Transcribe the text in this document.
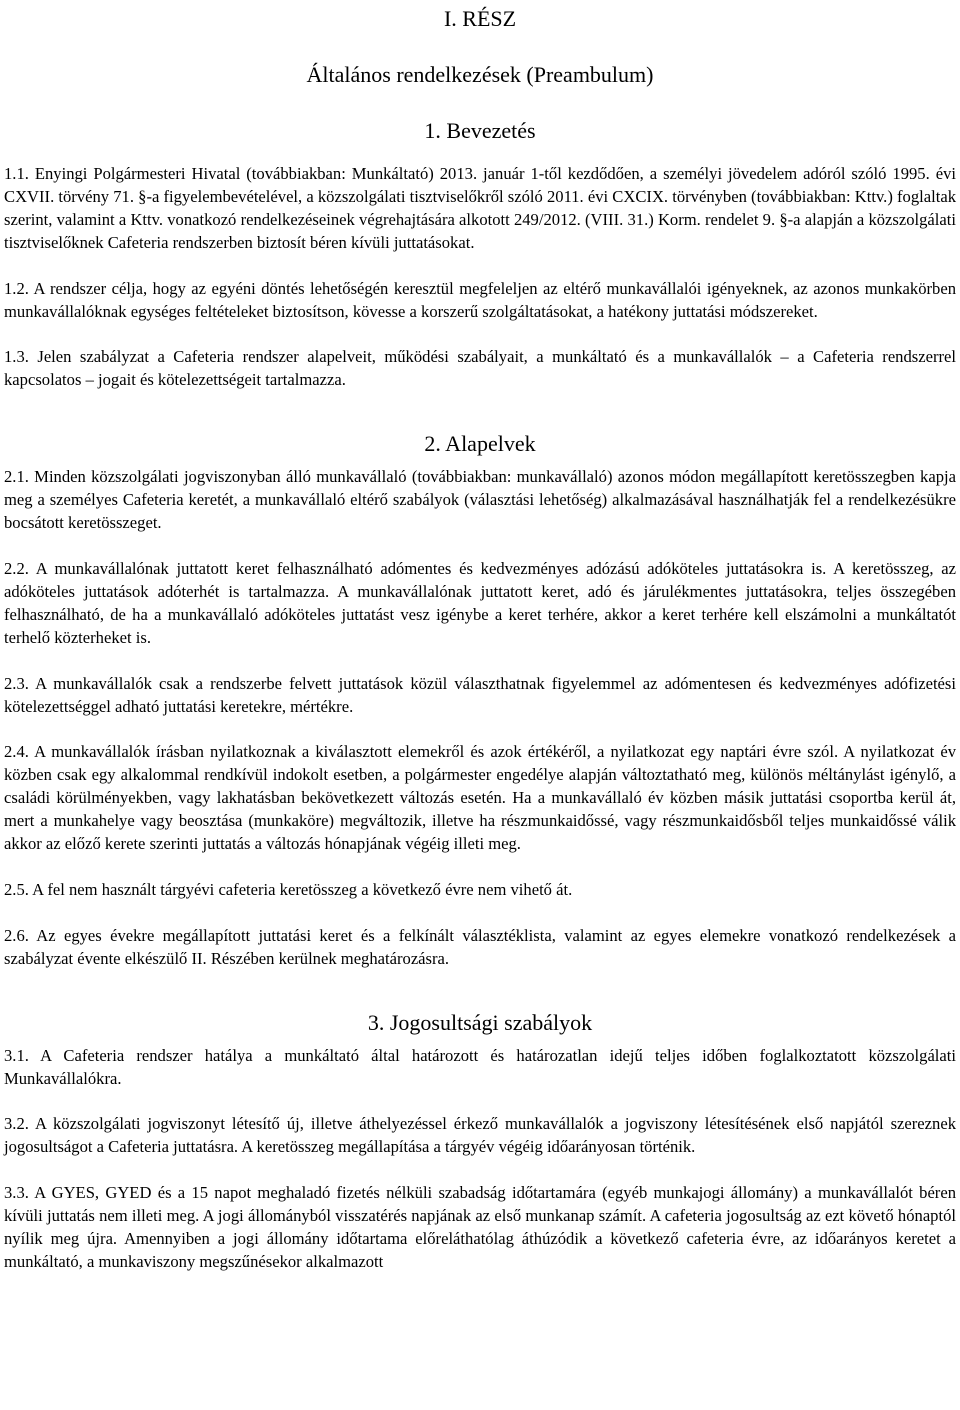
I. RÉSZ
Általános rendelkezések (Preambulum)
1. Bevezetés

1.1. Enyingi Polgármesteri Hivatal (továbbiakban: Munkáltató) 2013. január 1-től kezdődően, a személyi jövedelem adóról szóló 1995. évi CXVII. törvény 71. §-a figyelembevételével, a közszolgálati tisztviselőkről szóló 2011. évi CXCIX. törvényben (továbbiakban: Kttv.) foglaltak szerint, valamint a Kttv. vonatkozó rendelkezéseinek végrehajtására alkotott 249/2012. (VIII. 31.) Korm. rendelet 9. §-a alapján a közszolgálati tisztviselőknek Cafeteria rendszerben biztosít béren kívüli juttatásokat.

1.2. A rendszer célja, hogy az egyéni döntés lehetőségén keresztül megfeleljen az eltérő munkavállalói igényeknek, az azonos munkakörben munkavállalóknak egységes feltételeket biztosítson, kövesse a korszerű szolgáltatásokat, a hatékony juttatási módszereket.

1.3. Jelen szabályzat a Cafeteria rendszer alapelveit, működési szabályait, a munkáltató és a munkavállalók – a Cafeteria rendszerrel kapcsolatos – jogait és kötelezettségeit tartalmazza.

2. Alapelvek

2.1. Minden közszolgálati jogviszonyban álló munkavállaló (továbbiakban: munkavállaló) azonos módon megállapított keretösszegben kapja meg a személyes Cafeteria keretét, a munkavállaló eltérő szabályok (választási lehetőség) alkalmazásával használhatják fel a rendelkezésükre bocsátott keretösszeget.

2.2. A munkavállalónak juttatott keret felhasználható adómentes és kedvezményes adózású adóköteles juttatásokra is. A keretösszeg, az adóköteles juttatások adóterhét is tartalmazza. A munkavállalónak juttatott keret, adó és járulékmentes juttatásokra, teljes összegében felhasználható, de ha a munkavállaló adóköteles juttatást vesz igénybe a keret terhére, akkor a keret terhére kell elszámolni a munkáltatót terhelő közterheket is.

2.3. A munkavállalók csak a rendszerbe felvett juttatások közül választhatnak figyelemmel az adómentesen és kedvezményes adófizetési kötelezettséggel adható juttatási keretekre, mértékre.

2.4. A munkavállalók írásban nyilatkoznak a kiválasztott elemekről és azok értékéről, a nyilatkozat egy naptári évre szól. A nyilatkozat év közben csak egy alkalommal rendkívül indokolt esetben, a polgármester engedélye alapján változtatható meg, különös méltánylást igénylő, a családi körülményekben, vagy lakhatásban bekövetkezett változás esetén. Ha a munkavállaló év közben másik juttatási csoportba kerül át, mert a munkahelye vagy beosztása (munkaköre) megváltozik, illetve ha részmunkaidőssé, vagy részmunkaidősből teljes munkaidőssé válik akkor az előző kerete szerinti juttatás a változás hónapjának végéig illeti meg.

2.5. A fel nem használt tárgyévi cafeteria keretösszeg a következő évre nem vihető át.

2.6. Az egyes évekre megállapított juttatási keret és a felkínált választéklista, valamint az egyes elemekre vonatkozó rendelkezések a szabályzat évente elkészülő II. Részében kerülnek meghatározásra.

3. Jogosultsági szabályok

3.1. A Cafeteria rendszer hatálya a munkáltató által határozott és határozatlan idejű teljes időben foglalkoztatott közszolgálati Munkavállalókra.

3.2. A közszolgálati jogviszonyt létesítő új, illetve áthelyezéssel érkező munkavállalók a jogviszony létesítésének első napjától szereznek jogosultságot a Cafeteria juttatásra. A keretösszeg megállapítása a tárgyév végéig időarányosan történik.

3.3. A GYES, GYED és a 15 napot meghaladó fizetés nélküli szabadság időtartamára (egyéb munkajogi állomány) a munkavállalót béren kívüli juttatás nem illeti meg. A jogi állományból visszatérés napjának az első munkanap számít. A cafeteria jogosultság az ezt követő hónaptól nyílik meg újra. Amennyiben a jogi állomány időtartama előreláthatólag áthúzódik a következő cafeteria évre, az időarányos keretet a munkáltató, a munkaviszony megszűnésekor alkalmazott
